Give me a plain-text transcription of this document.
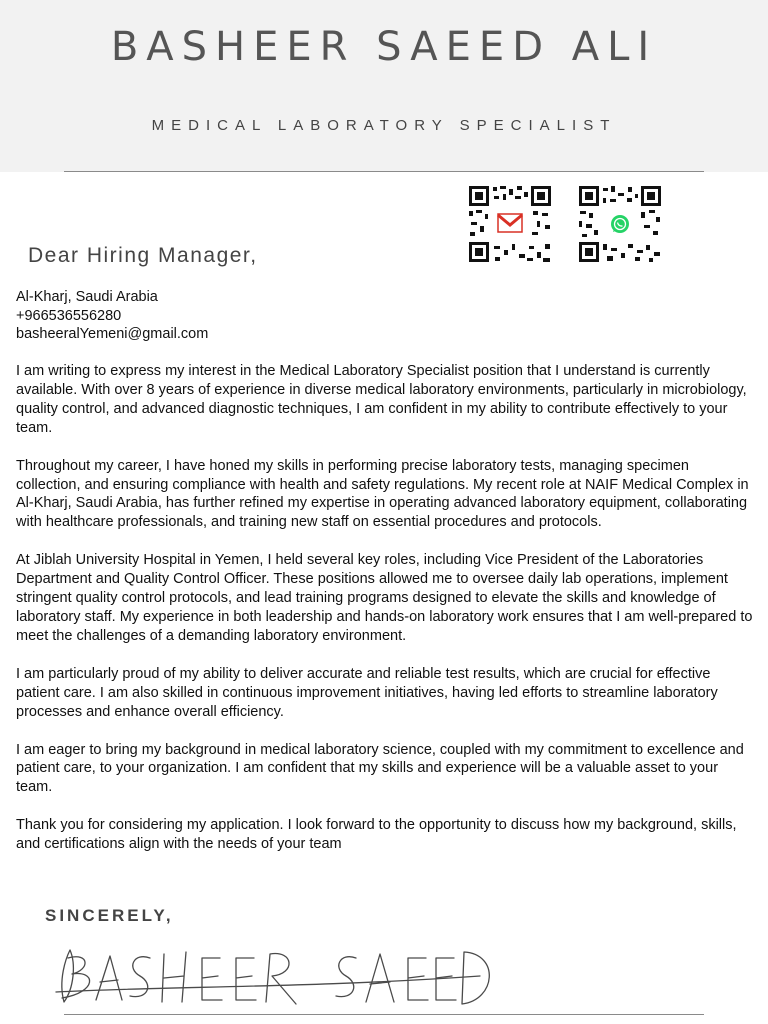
BASHEER SAEED ALI
MEDICAL LABORATORY SPECIALIST
Dear Hiring Manager,
Al-Kharj, Saudi Arabia
+966536556280
basheeralYemeni@gmail.com

I am writing to express my interest in the Medical Laboratory Specialist position that I understand is currently available. With over 8 years of experience in diverse medical laboratory environments, particularly in microbiology, quality control, and advanced diagnostic techniques, I am confident in my ability to contribute effectively to your team.

Throughout my career, I have honed my skills in performing precise laboratory tests, managing specimen collection, and ensuring compliance with health and safety regulations. My recent role at NAIF Medical Complex in Al-Kharj, Saudi Arabia, has further refined my expertise in operating advanced laboratory equipment, collaborating with healthcare professionals, and training new staff on essential procedures and protocols.

At Jiblah University Hospital in Yemen, I held several key roles, including Vice President of the Laboratories Department and Quality Control Officer. These positions allowed me to oversee daily lab operations, implement stringent quality control protocols, and lead training programs designed to elevate the skills and knowledge of laboratory staff. My experience in both leadership and hands-on laboratory work ensures that I am well-prepared to meet the challenges of a demanding laboratory environment.

I am particularly proud of my ability to deliver accurate and reliable test results, which are crucial for effective patient care. I am also skilled in continuous improvement initiatives, having led efforts to streamline laboratory processes and enhance overall efficiency.

I am eager to bring my background in medical laboratory science, coupled with my commitment to excellence and patient care, to your organization. I am confident that my skills and experience will be a valuable asset to your team.

Thank you for considering my application. I look forward to the opportunity to discuss how my background, skills, and certifications align with the needs of your team

SINCERELY,
